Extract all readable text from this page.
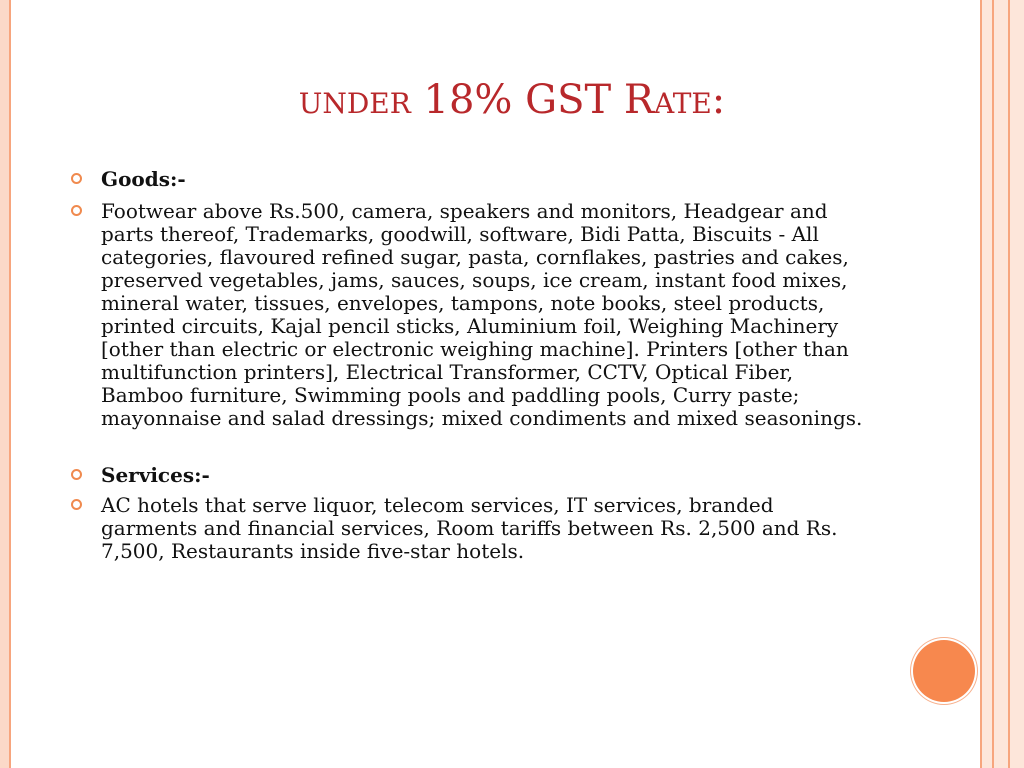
under 18% GST Rate:
Goods:-
Footwear above Rs.500, camera, speakers and monitors, Headgear and parts thereof, Trademarks, goodwill, software, Bidi Patta, Biscuits - All categories, flavoured refined sugar, pasta, cornflakes, pastries and cakes, preserved vegetables, jams, sauces, soups, ice cream, instant food mixes, mineral water, tissues, envelopes, tampons, note books, steel products, printed circuits, Kajal pencil sticks, Aluminium foil, Weighing Machinery [other than electric or electronic weighing machine]. Printers [other than multifunction printers], Electrical Transformer, CCTV, Optical Fiber, Bamboo furniture, Swimming pools and paddling pools, Curry paste; mayonnaise and salad dressings; mixed condiments and mixed seasonings.
Services:-
AC hotels that serve liquor, telecom services, IT services, branded garments and financial services, Room tariffs between Rs. 2,500 and Rs. 7,500, Restaurants inside five-star hotels.
